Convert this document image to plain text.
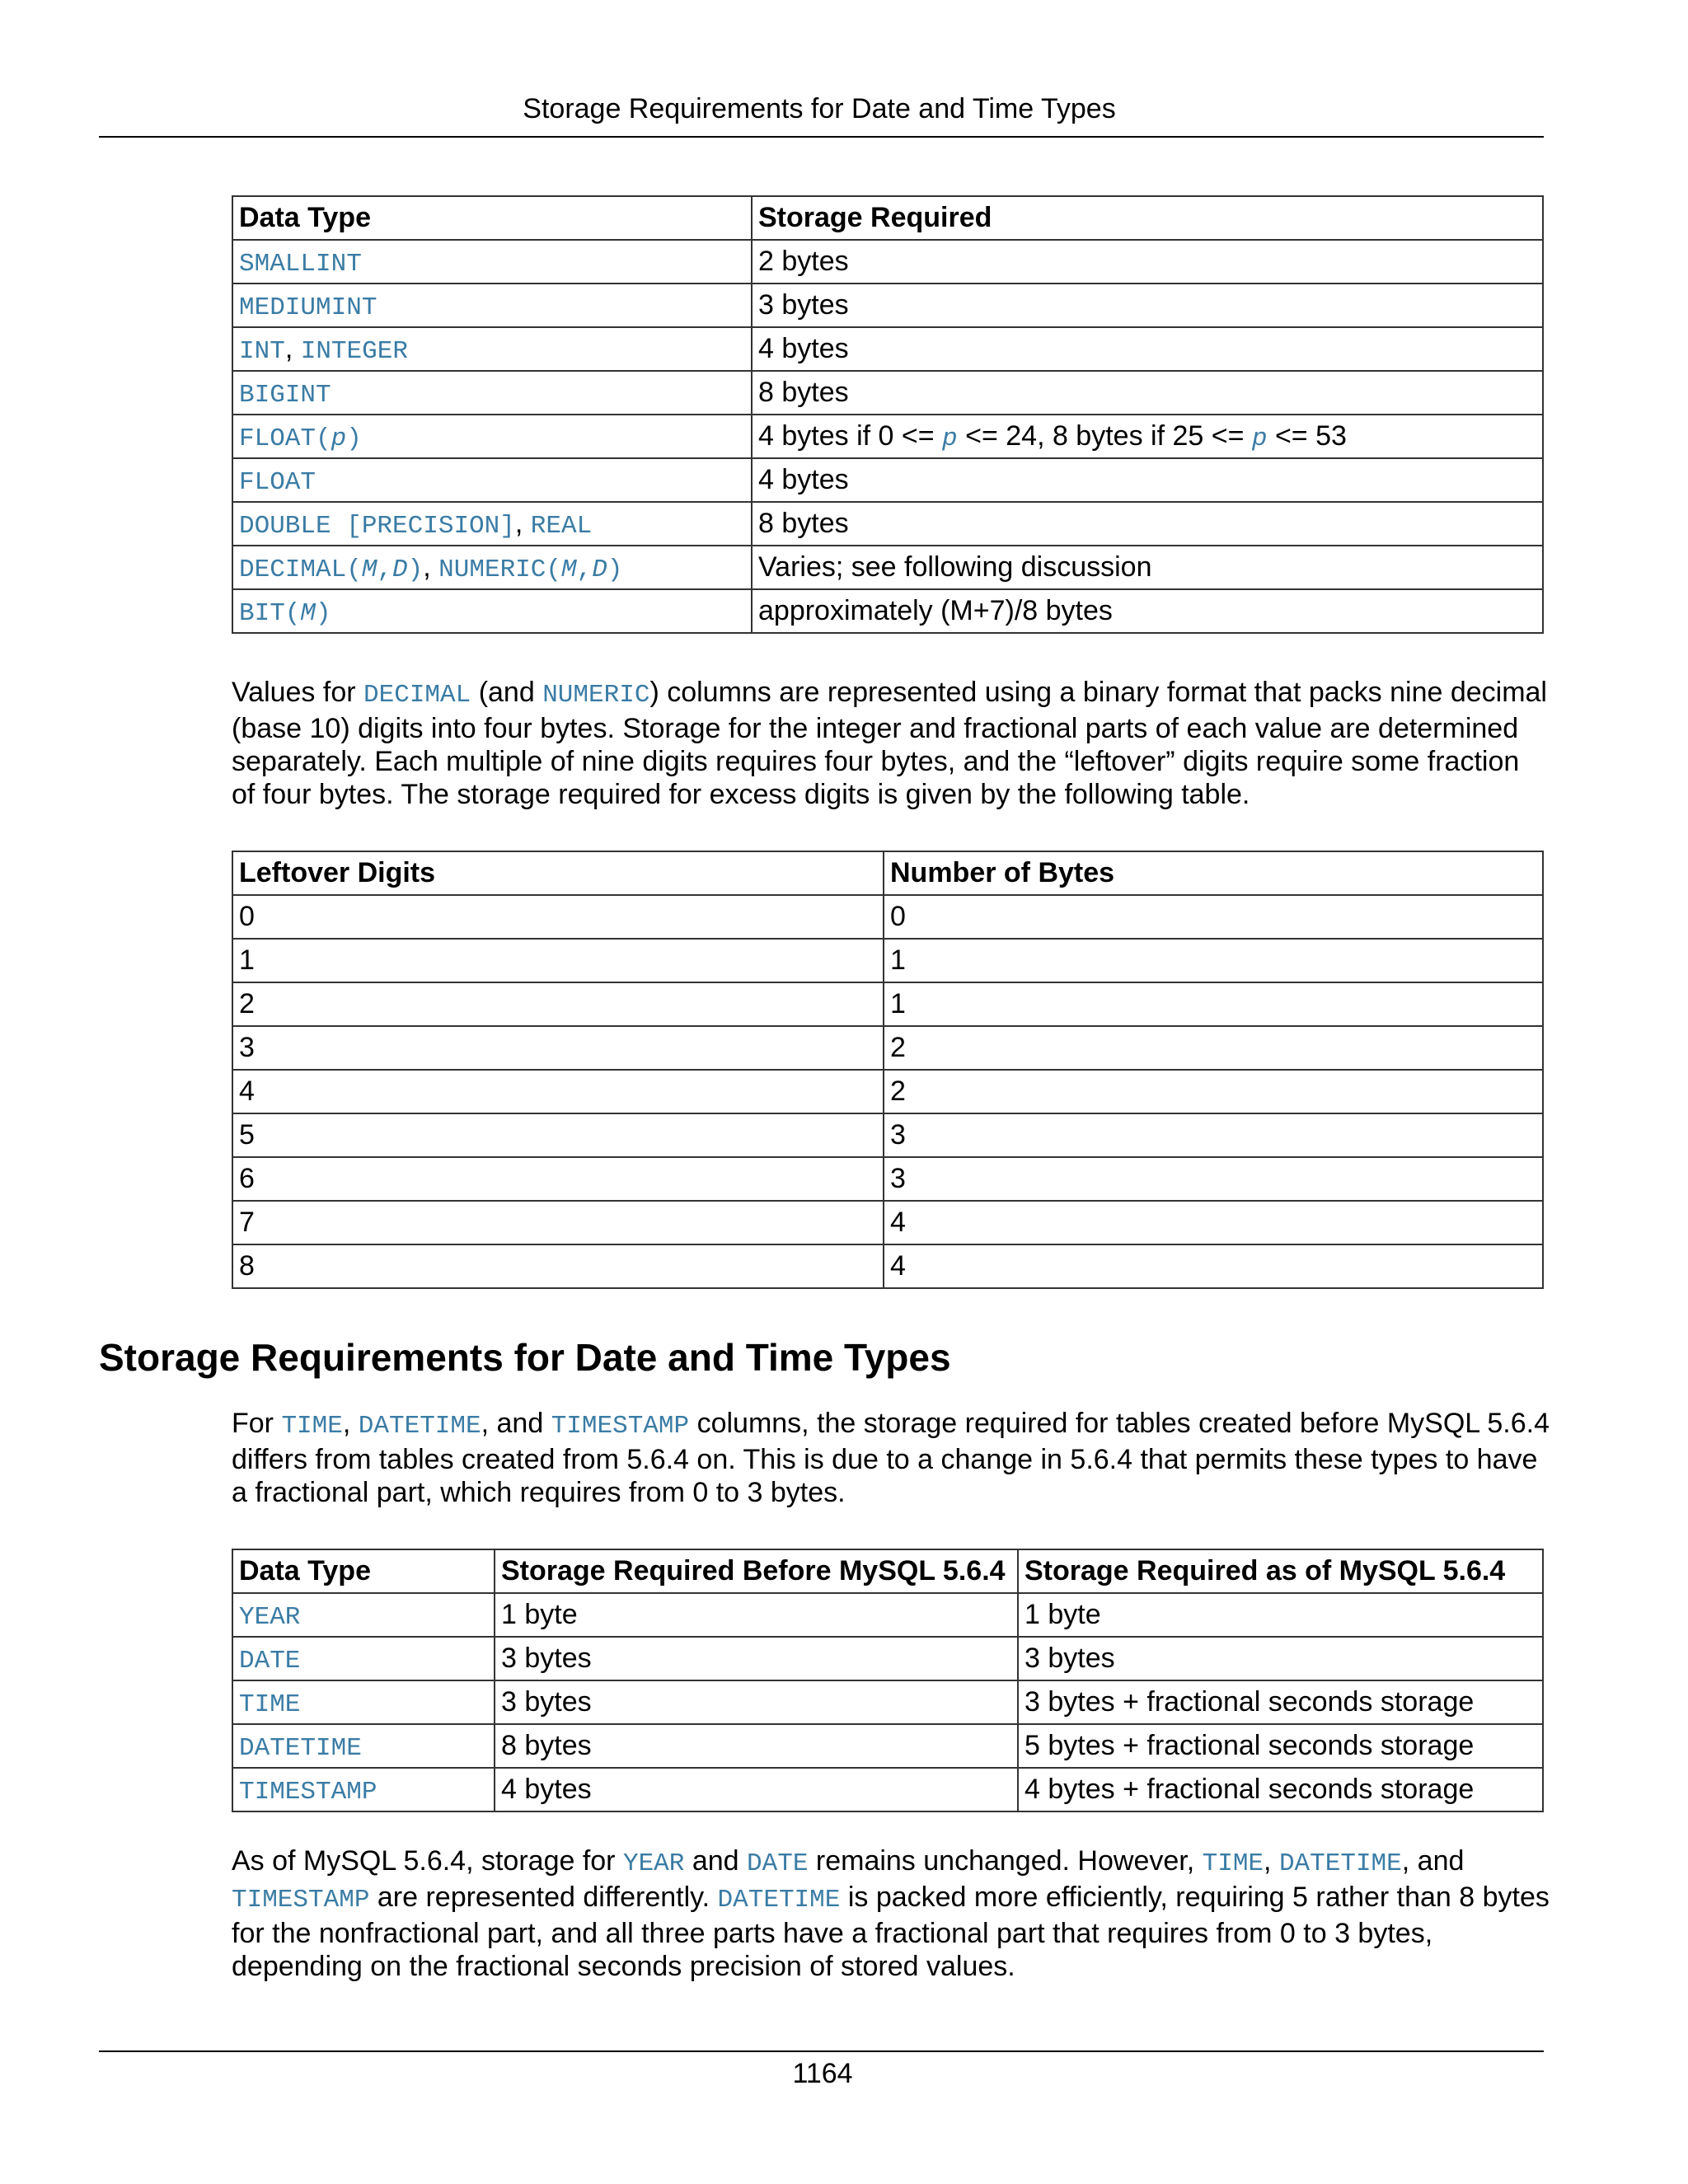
Storage Requirements for Date and Time Types
Data Type	Storage Required
SMALLINT	2 bytes
MEDIUMINT	3 bytes
INT, INTEGER	4 bytes
BIGINT	8 bytes
FLOAT(p)	4 bytes if 0 <= p <= 24, 8 bytes if 25 <= p <= 53
FLOAT	4 bytes
DOUBLE [PRECISION], REAL	8 bytes
DECIMAL(M,D), NUMERIC(M,D)	Varies; see following discussion
BIT(M)	approximately (M+7)/8 bytes

Values for DECIMAL (and NUMERIC) columns are represented using a binary format that packs nine decimal (base 10) digits into four bytes. Storage for the integer and fractional parts of each value are determined separately. Each multiple of nine digits requires four bytes, and the “leftover” digits require some fraction of four bytes. The storage required for excess digits is given by the following table.

Leftover Digits	Number of Bytes
0	0
1	1
2	1
3	2
4	2
5	3
6	3
7	4
8	4
Storage Requirements for Date and Time Types

For TIME, DATETIME, and TIMESTAMP columns, the storage required for tables created before MySQL 5.6.4 differs from tables created from 5.6.4 on. This is due to a change in 5.6.4 that permits these types to have a fractional part, which requires from 0 to 3 bytes.

Data Type	Storage Required Before MySQL 5.6.4	Storage Required as of MySQL 5.6.4
YEAR	1 byte	1 byte
DATE	3 bytes	3 bytes
TIME	3 bytes	3 bytes + fractional seconds storage
DATETIME	8 bytes	5 bytes + fractional seconds storage
TIMESTAMP	4 bytes	4 bytes + fractional seconds storage

As of MySQL 5.6.4, storage for YEAR and DATE remains unchanged. However, TIME, DATETIME, and TIMESTAMP are represented differently. DATETIME is packed more efficiently, requiring 5 rather than 8 bytes for the nonfractional part, and all three parts have a fractional part that requires from 0 to 3 bytes, depending on the fractional seconds precision of stored values.

1164
